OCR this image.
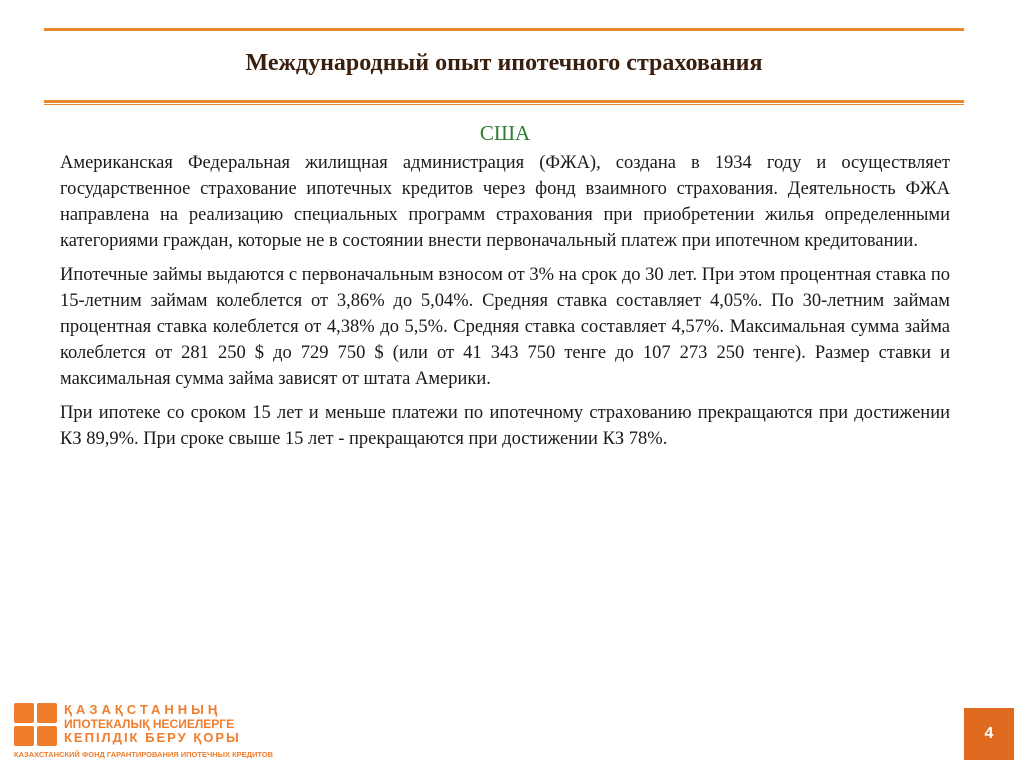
Международный опыт ипотечного страхования
США

Американская Федеральная жилищная администрация (ФЖА), создана в 1934 году и осуществляет государственное страхование ипотечных кредитов через фонд взаимного страхования. Деятельность ФЖА направлена на реализацию специальных программ страхования при приобретении жилья определенными категориями граждан, которые не в состоянии внести первоначальный платеж при ипотечном кредитовании.

Ипотечные займы выдаются с первоначальным взносом от 3% на срок до 30 лет. При этом процентная ставка по 15-летним займам колеблется от 3,86% до 5,04%. Средняя ставка составляет 4,05%. По 30-летним займам процентная ставка колеблется от 4,38% до 5,5%. Средняя ставка составляет 4,57%. Максимальная сумма займа колеблется от 281 250 $ до 729 750 $ (или от 41 343 750 тенге до 107 273 250 тенге). Размер ставки и максимальная сумма займа зависят от штата Америки.

При ипотеке со сроком 15 лет и меньше платежи по ипотечному страхованию прекращаются при достижении КЗ 89,9%. При сроке свыше 15 лет - прекращаются при достижении КЗ 78%.

ҚАЗАҚСТАННЫҢ
ИПОТЕКАЛЫҚ НЕСИЕЛЕРГЕ
КЕПІЛДІК БЕРУ ҚОРЫ
КАЗАХСТАНСКИЙ ФОНД ГАРАНТИРОВАНИЯ ИПОТЕЧНЫХ КРЕДИТОВ
4
